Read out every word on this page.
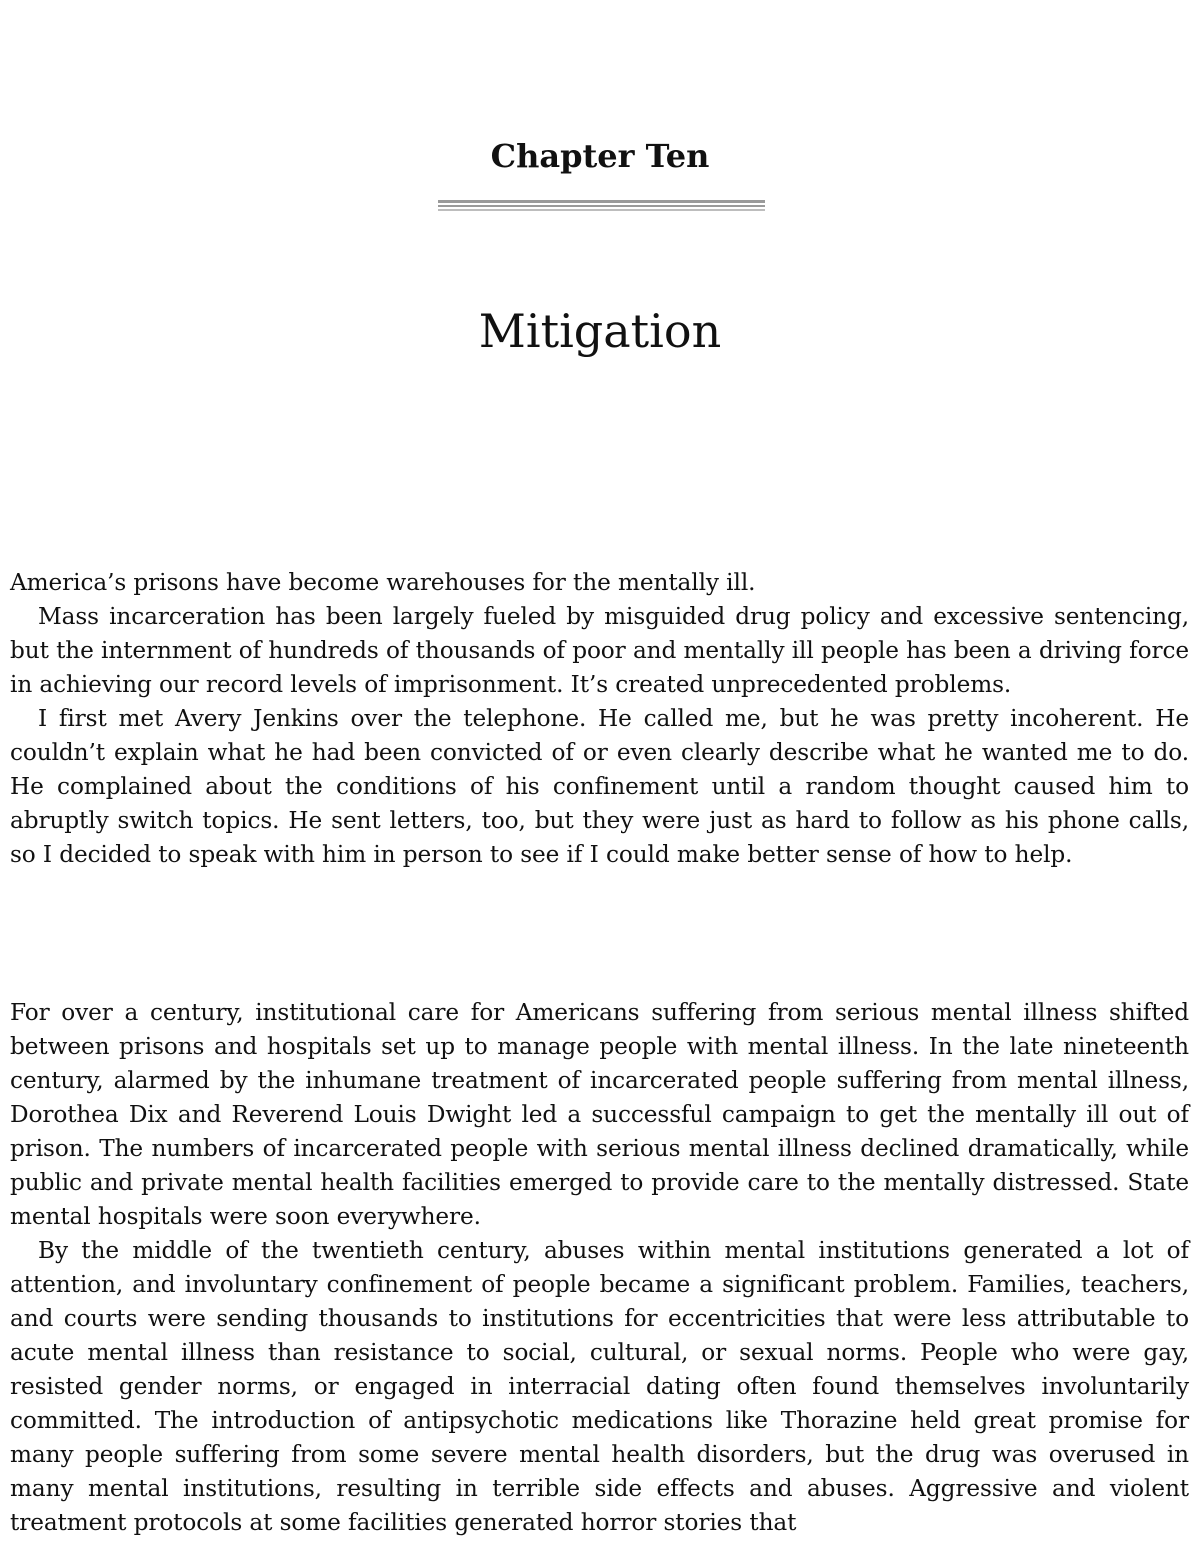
Chapter Ten
Mitigation

America’s prisons have become warehouses for the mentally ill.

Mass incarceration has been largely fueled by misguided drug policy and excessive sentencing, but the internment of hundreds of thousands of poor and mentally ill people has been a driving force in achieving our record levels of imprisonment. It’s created unprecedented problems.

I first met Avery Jenkins over the telephone. He called me, but he was pretty incoherent. He couldn’t explain what he had been convicted of or even clearly describe what he wanted me to do. He complained about the conditions of his confinement until a random thought caused him to abruptly switch topics. He sent letters, too, but they were just as hard to follow as his phone calls, so I decided to speak with him in person to see if I could make better sense of how to help.

For over a century, institutional care for Americans suffering from serious mental illness shifted between prisons and hospitals set up to manage people with mental illness. In the late nineteenth century, alarmed by the inhumane treatment of incarcerated people suffering from mental illness, Dorothea Dix and Reverend Louis Dwight led a successful campaign to get the mentally ill out of prison. The numbers of incarcerated people with serious mental illness declined dramatically, while public and private mental health facilities emerged to provide care to the mentally distressed. State mental hospitals were soon everywhere.

By the middle of the twentieth century, abuses within mental institutions generated a lot of attention, and involuntary confinement of people became a significant problem. Families, teachers, and courts were sending thousands to institutions for eccentricities that were less attributable to acute mental illness than resistance to social, cultural, or sexual norms. People who were gay, resisted gender norms, or engaged in interracial dating often found themselves involuntarily committed. The introduction of antipsychotic medications like Thorazine held great promise for many people suffering from some severe mental health disorders, but the drug was overused in many mental institutions, resulting in terrible side effects and abuses. Aggressive and violent treatment protocols at some facilities generated horror stories that
